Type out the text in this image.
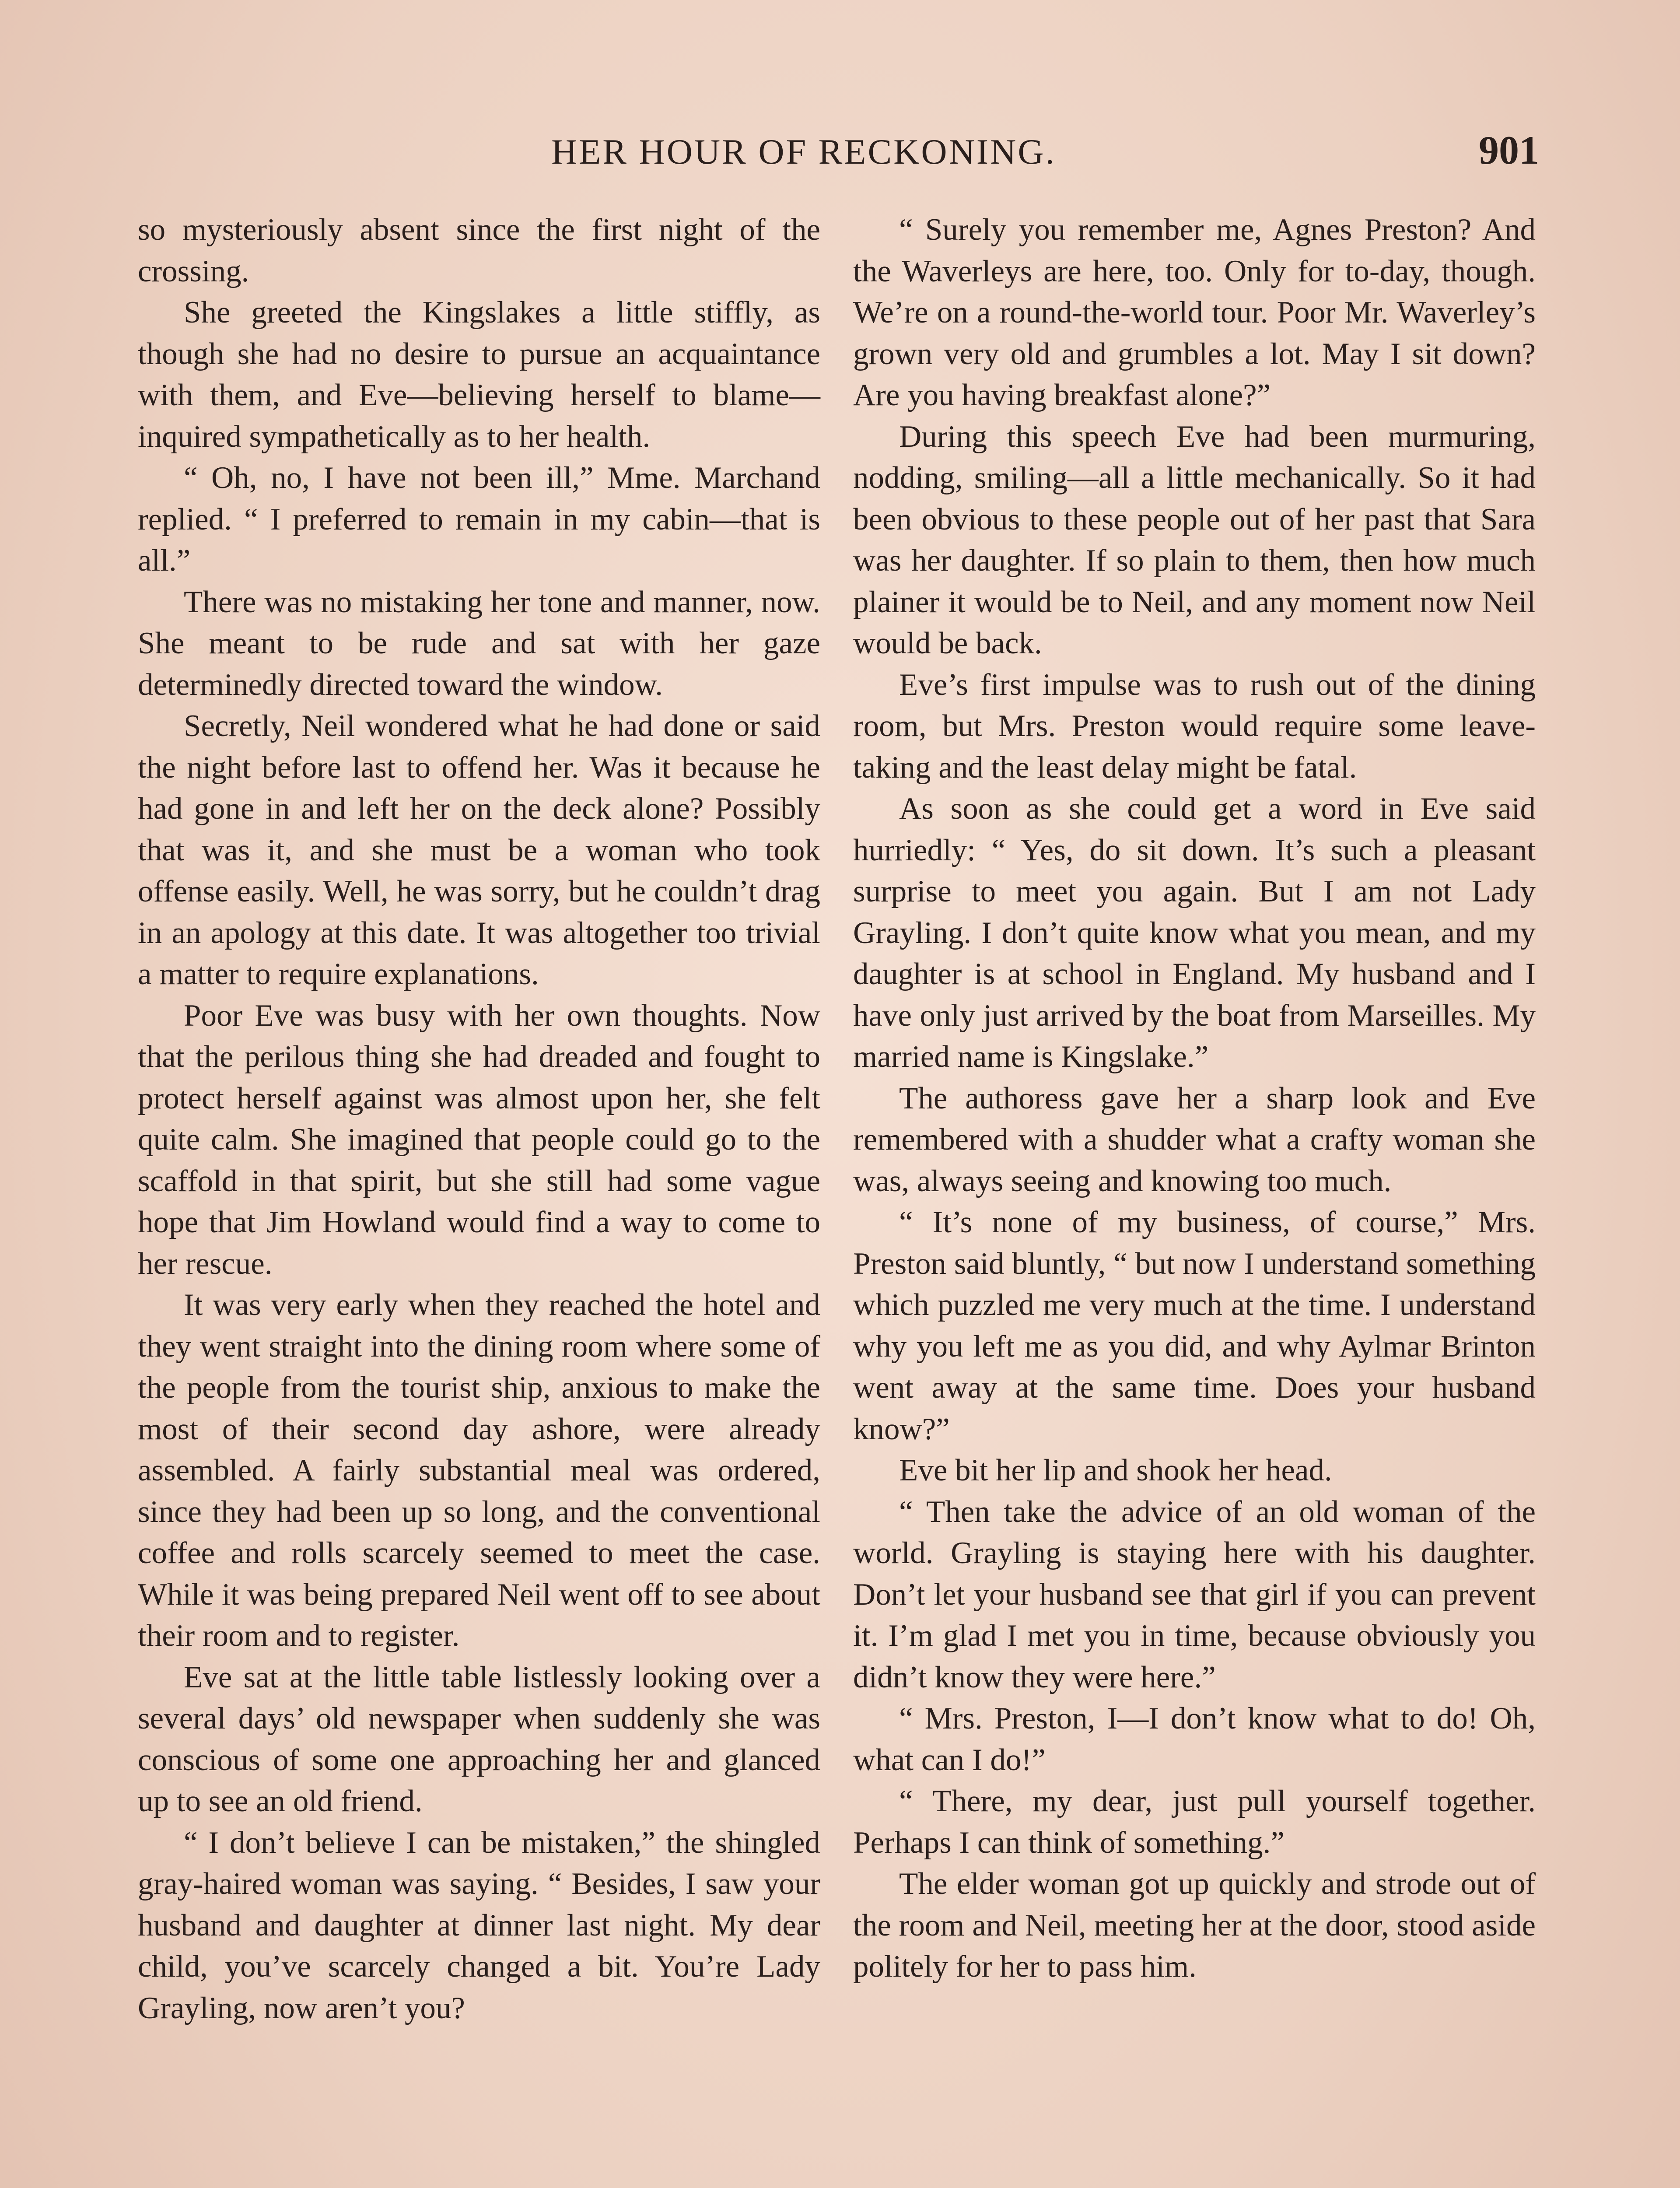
HER HOUR OF RECKONING.	901

so mysteriously absent since the first night of the crossing.

She greeted the Kingslakes a little stiffly, as though she had no desire to pursue an acquaintance with them, and Eve—believing herself to blame—inquired sympathetically as to her health.

“ Oh, no, I have not been ill,” Mme. Marchand replied. “ I preferred to remain in my cabin—that is all.”

There was no mistaking her tone and manner, now. She meant to be rude and sat with her gaze determinedly directed toward the window.

Secretly, Neil wondered what he had done or said the night before last to offend her. Was it because he had gone in and left her on the deck alone? Possibly that was it, and she must be a woman who took offense easily. Well, he was sorry, but he couldn’t drag in an apology at this date. It was altogether too trivial a matter to require explanations.

Poor Eve was busy with her own thoughts. Now that the perilous thing she had dreaded and fought to protect herself against was almost upon her, she felt quite calm. She imagined that people could go to the scaffold in that spirit, but she still had some vague hope that Jim Howland would find a way to come to her rescue.

It was very early when they reached the hotel and they went straight into the dining room where some of the people from the tourist ship, anxious to make the most of their second day ashore, were already assembled. A fairly substantial meal was ordered, since they had been up so long, and the conventional coffee and rolls scarcely seemed to meet the case. While it was being prepared Neil went off to see about their room and to register.

Eve sat at the little table listlessly looking over a several days’ old newspaper when suddenly she was conscious of some one approaching her and glanced up to see an old friend.

“ I don’t believe I can be mistaken,” the shingled gray-haired woman was saying. “ Besides, I saw your husband and daughter at dinner last night. My dear child, you’ve scarcely changed a bit. You’re Lady Grayling, now aren’t you?

“ Surely you remember me, Agnes Preston? And the Waverleys are here, too. Only for to-day, though. We’re on a round-the-world tour. Poor Mr. Waverley’s grown very old and grumbles a lot. May I sit down? Are you having breakfast alone?”

During this speech Eve had been murmuring, nodding, smiling—all a little mechanically. So it had been obvious to these people out of her past that Sara was her daughter. If so plain to them, then how much plainer it would be to Neil, and any moment now Neil would be back.

Eve’s first impulse was to rush out of the dining room, but Mrs. Preston would require some leave-taking and the least delay might be fatal.

As soon as she could get a word in Eve said hurriedly: “ Yes, do sit down. It’s such a pleasant surprise to meet you again. But I am not Lady Grayling. I don’t quite know what you mean, and my daughter is at school in England. My husband and I have only just arrived by the boat from Marseilles. My married name is Kingslake.”

The authoress gave her a sharp look and Eve remembered with a shudder what a crafty woman she was, always seeing and knowing too much.

“ It’s none of my business, of course,” Mrs. Preston said bluntly, “ but now I understand something which puzzled me very much at the time. I understand why you left me as you did, and why Aylmar Brinton went away at the same time. Does your husband know?”

Eve bit her lip and shook her head.

“ Then take the advice of an old woman of the world. Grayling is staying here with his daughter. Don’t let your husband see that girl if you can prevent it. I’m glad I met you in time, because obviously you didn’t know they were here.”

“ Mrs. Preston, I—I don’t know what to do! Oh, what can I do!”

“ There, my dear, just pull yourself together. Perhaps I can think of something.”

The elder woman got up quickly and strode out of the room and Neil, meeting her at the door, stood aside politely for her to pass him.
